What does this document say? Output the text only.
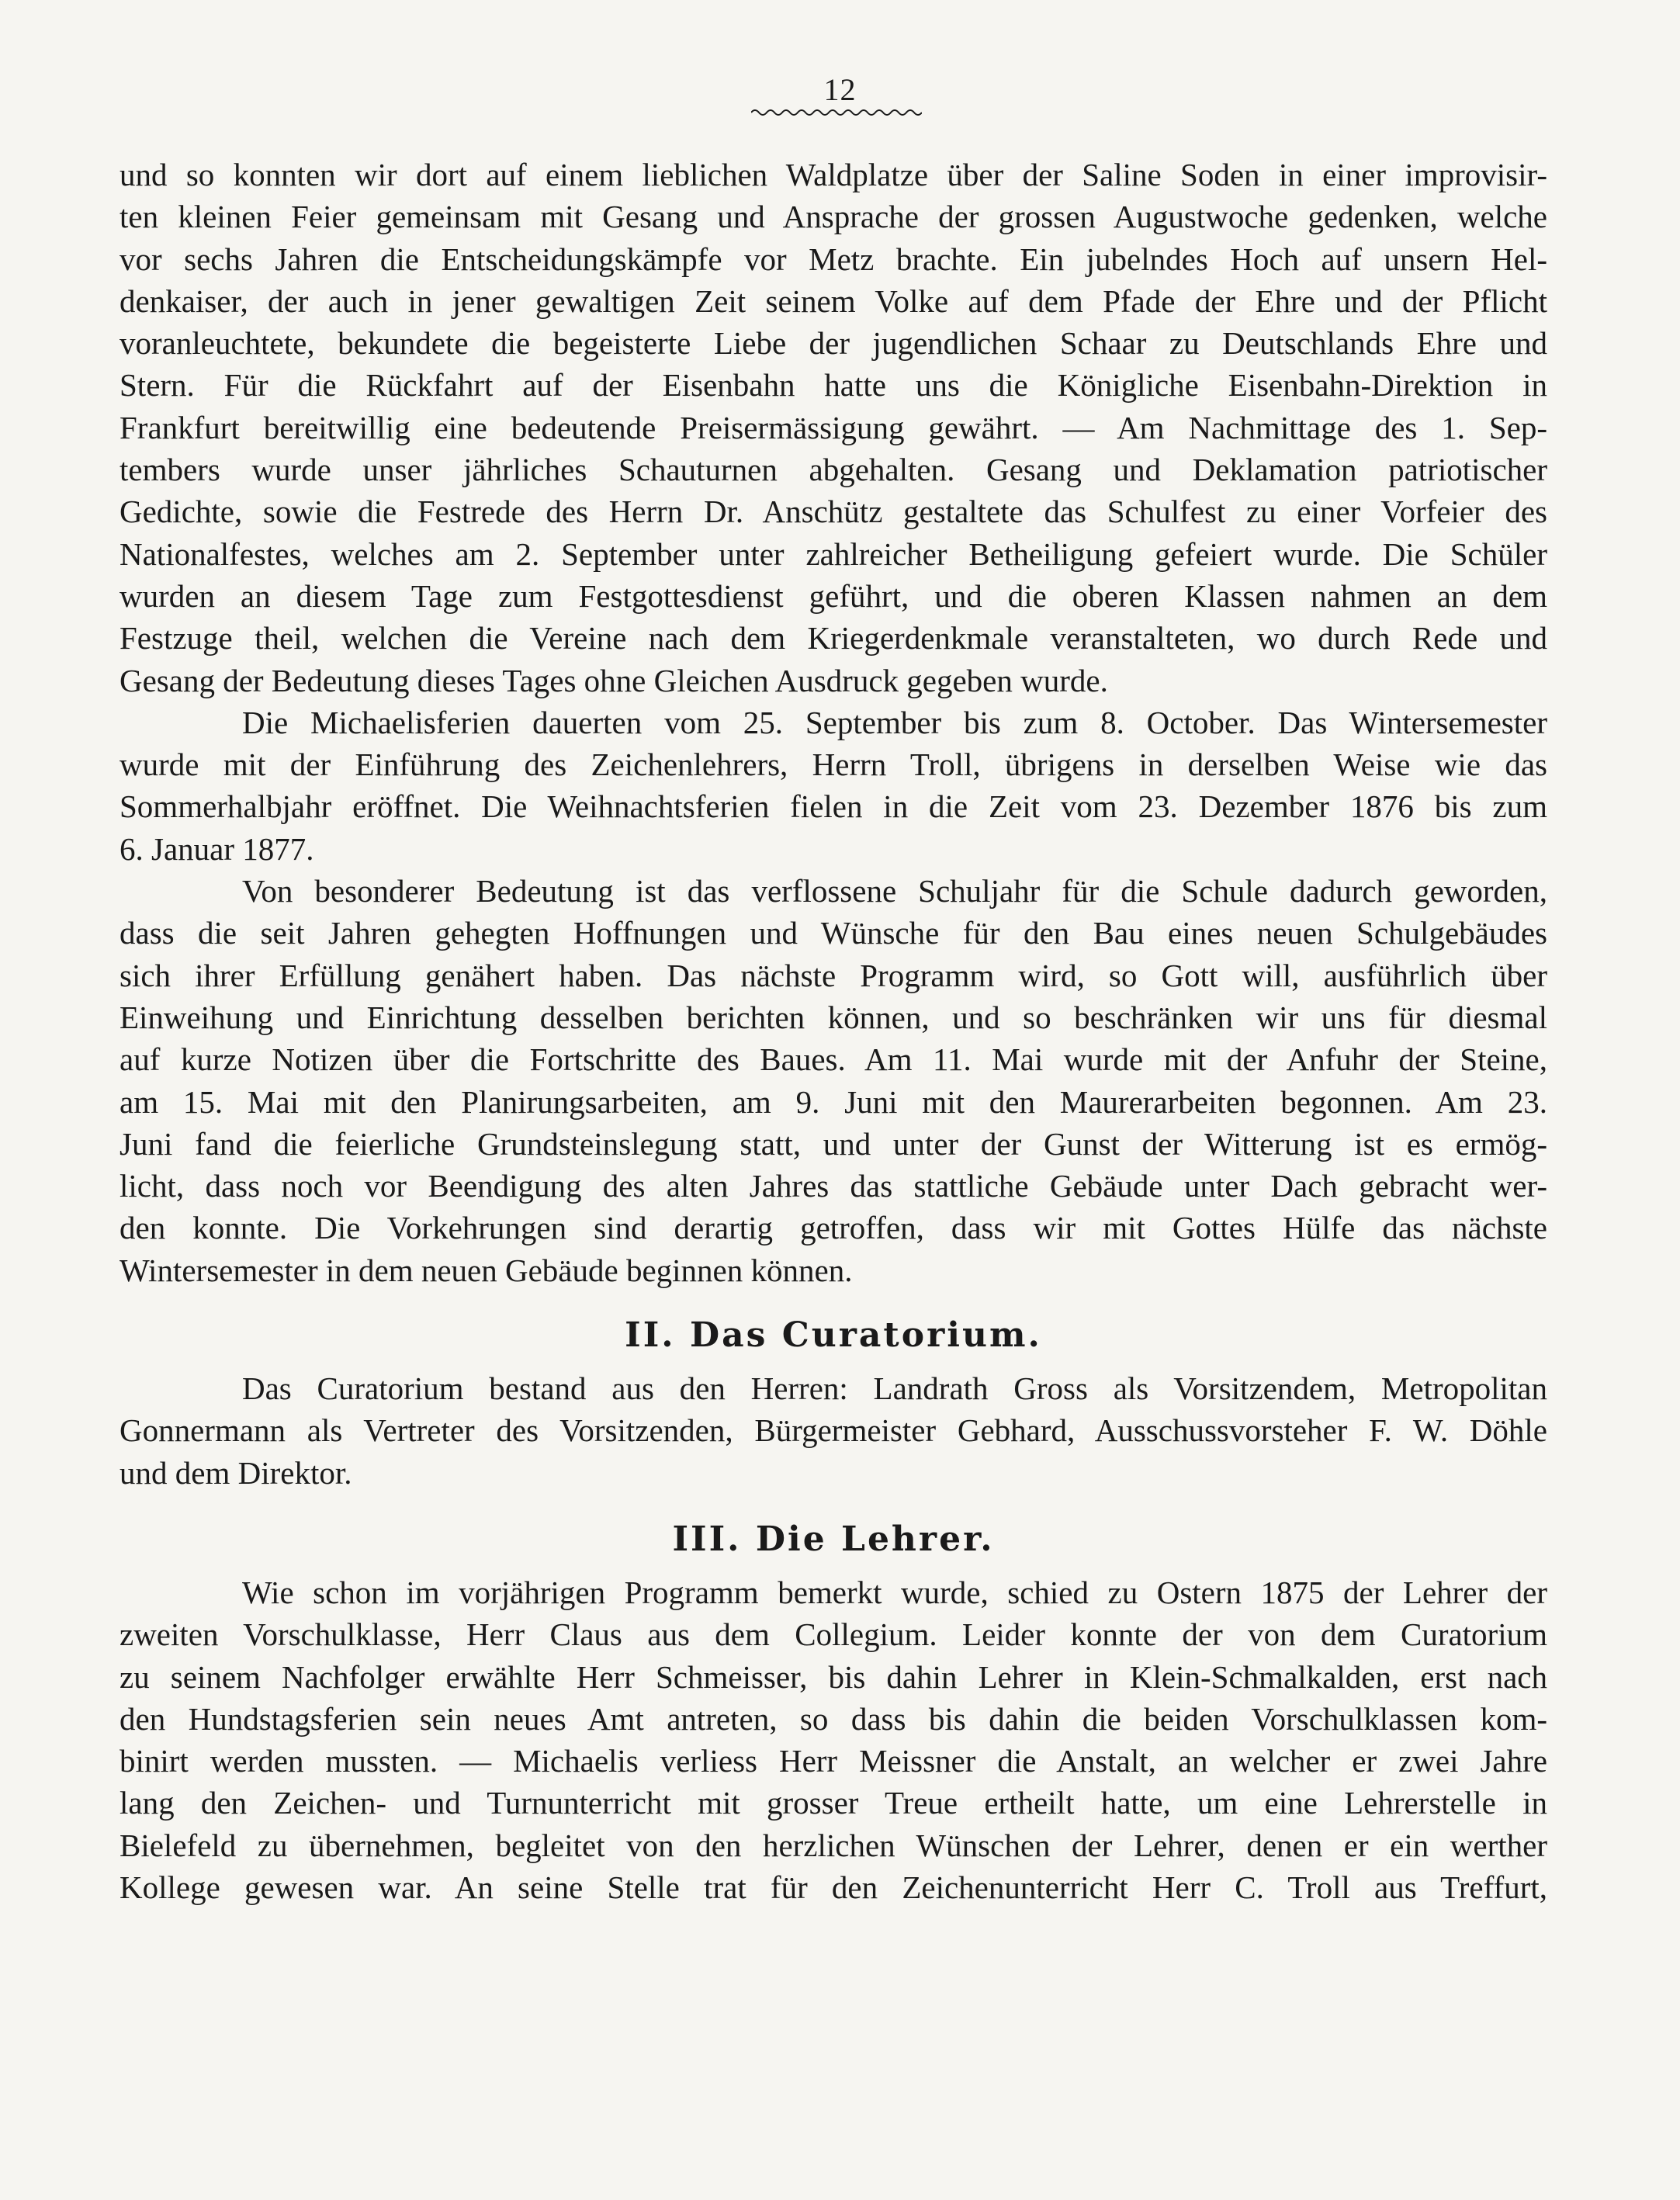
12
und so konnten wir dort auf einem lieblichen Waldplatze über der Saline Soden in einer improvisir-
ten kleinen Feier gemeinsam mit Gesang und Ansprache der grossen Augustwoche gedenken, welche
vor sechs Jahren die Entscheidungskämpfe vor Metz brachte. Ein jubelndes Hoch auf unsern Hel-
denkaiser, der auch in jener gewaltigen Zeit seinem Volke auf dem Pfade der Ehre und der Pflicht
voranleuchtete, bekundete die begeisterte Liebe der jugendlichen Schaar zu Deutschlands Ehre und
Stern. Für die Rückfahrt auf der Eisenbahn hatte uns die Königliche Eisenbahn-Direktion in
Frankfurt bereitwillig eine bedeutende Preisermässigung gewährt. — Am Nachmittage des 1. Sep-
tembers wurde unser jährliches Schauturnen abgehalten. Gesang und Deklamation patriotischer
Gedichte, sowie die Festrede des Herrn Dr. Anschütz gestaltete das Schulfest zu einer Vorfeier des
Nationalfestes, welches am 2. September unter zahlreicher Betheiligung gefeiert wurde. Die Schüler
wurden an diesem Tage zum Festgottesdienst geführt, und die oberen Klassen nahmen an dem
Festzuge theil, welchen die Vereine nach dem Kriegerdenkmale veranstalteten, wo durch Rede und
Gesang der Bedeutung dieses Tages ohne Gleichen Ausdruck gegeben wurde.
Die Michaelisferien dauerten vom 25. September bis zum 8. October. Das Wintersemester
wurde mit der Einführung des Zeichenlehrers, Herrn Troll, übrigens in derselben Weise wie das
Sommerhalbjahr eröffnet. Die Weihnachtsferien fielen in die Zeit vom 23. Dezember 1876 bis zum
6. Januar 1877.
Von besonderer Bedeutung ist das verflossene Schuljahr für die Schule dadurch geworden,
dass die seit Jahren gehegten Hoffnungen und Wünsche für den Bau eines neuen Schulgebäudes
sich ihrer Erfüllung genähert haben. Das nächste Programm wird, so Gott will, ausführlich über
Einweihung und Einrichtung desselben berichten können, und so beschränken wir uns für diesmal
auf kurze Notizen über die Fortschritte des Baues. Am 11. Mai wurde mit der Anfuhr der Steine,
am 15. Mai mit den Planirungsarbeiten, am 9. Juni mit den Maurerarbeiten begonnen. Am 23.
Juni fand die feierliche Grundsteinslegung statt, und unter der Gunst der Witterung ist es ermög-
licht, dass noch vor Beendigung des alten Jahres das stattliche Gebäude unter Dach gebracht wer-
den konnte. Die Vorkehrungen sind derartig getroffen, dass wir mit Gottes Hülfe das nächste
Wintersemester in dem neuen Gebäude beginnen können.
II. Das Curatorium.
Das Curatorium bestand aus den Herren: Landrath Gross als Vorsitzendem, Metropolitan
Gonnermann als Vertreter des Vorsitzenden, Bürgermeister Gebhard, Ausschussvorsteher F. W. Döhle
und dem Direktor.
III. Die Lehrer.
Wie schon im vorjährigen Programm bemerkt wurde, schied zu Ostern 1875 der Lehrer der
zweiten Vorschulklasse, Herr Claus aus dem Collegium. Leider konnte der von dem Curatorium
zu seinem Nachfolger erwählte Herr Schmeisser, bis dahin Lehrer in Klein-Schmalkalden, erst nach
den Hundstagsferien sein neues Amt antreten, so dass bis dahin die beiden Vorschulklassen kom-
binirt werden mussten. — Michaelis verliess Herr Meissner die Anstalt, an welcher er zwei Jahre
lang den Zeichen- und Turnunterricht mit grosser Treue ertheilt hatte, um eine Lehrerstelle in
Bielefeld zu übernehmen, begleitet von den herzlichen Wünschen der Lehrer, denen er ein werther
Kollege gewesen war. An seine Stelle trat für den Zeichenunterricht Herr C. Troll aus Treffurt,
